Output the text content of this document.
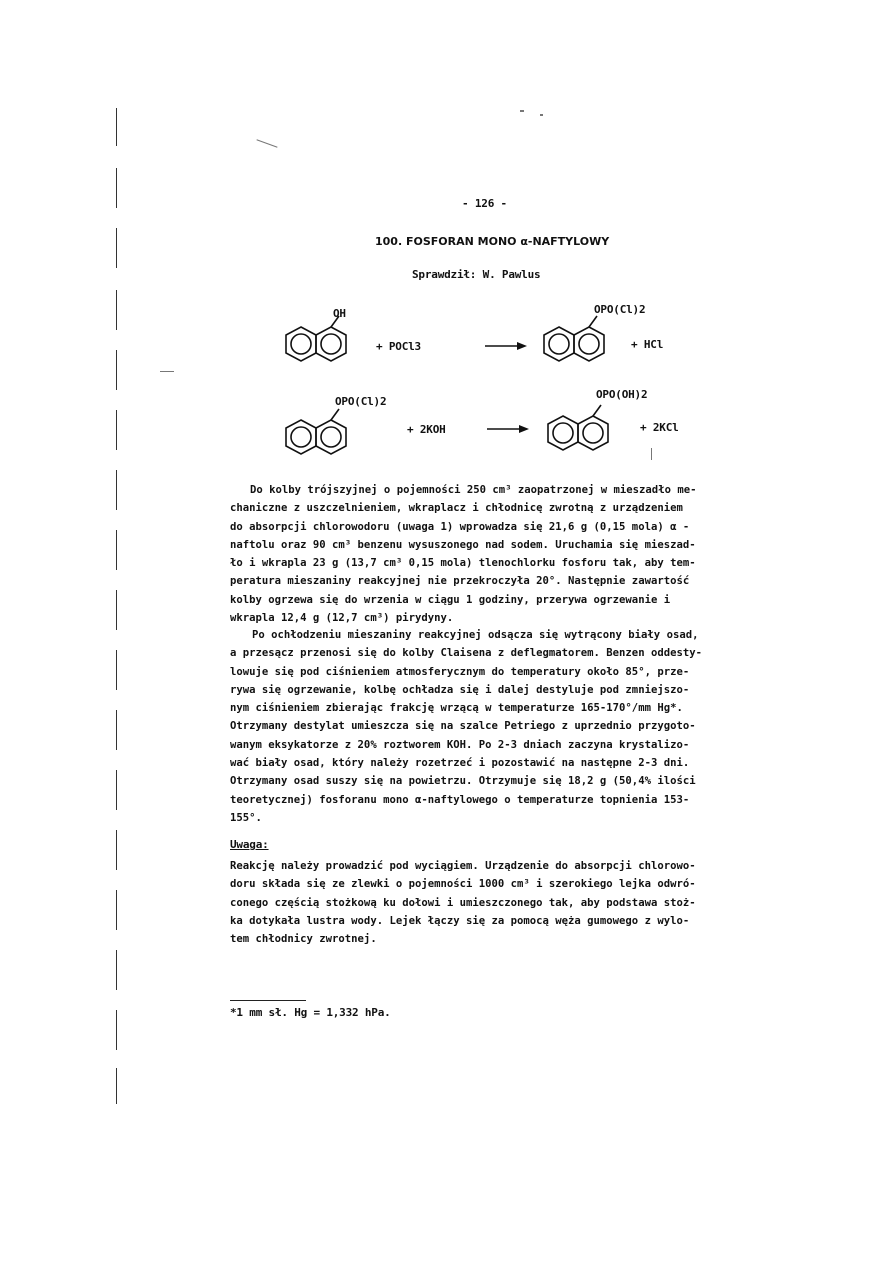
- 126 -
100. FOSFORAN MONO α-NAFTYLOWY
Sprawdził: W. Pawlus
OH
+ POCl3
OPO(Cl)2
+ HCl
OPO(Cl)2
+ 2KOH
OPO(OH)2
+ 2KCl
Do kolby trójszyjnej o pojemności 250 cm³ zaopatrzonej w mieszadło me-
chaniczne z uszczelnieniem, wkraplacz i chłodnicę zwrotną z urządzeniem
do absorpcji chlorowodoru (uwaga 1) wprowadza się 21,6 g (0,15 mola) α -
naftolu oraz 90 cm³ benzenu wysuszonego nad sodem. Uruchamia się mieszad-
ło i wkrapla 23 g (13,7 cm³ 0,15 mola) tlenochlorku fosforu tak, aby tem-
peratura mieszaniny reakcyjnej nie przekroczyła 20°. Następnie zawartość
kolby ogrzewa się do wrzenia w ciągu 1 godziny, przerywa ogrzewanie i
wkrapla 12,4 g (12,7 cm³) pirydyny.
Po ochłodzeniu mieszaniny reakcyjnej odsącza się wytrącony biały osad,
a przesącz przenosi się do kolby Claisena z deflegmatorem. Benzen oddesty-
lowuje się pod ciśnieniem atmosferycznym do temperatury około 85°, prze-
rywa się ogrzewanie, kolbę ochładza się i dalej destyluje pod zmniejszo-
nym ciśnieniem zbierając frakcję wrzącą w temperaturze 165-170°/mm Hg*.
Otrzymany destylat umieszcza się na szalce Petriego z uprzednio przygoto-
wanym eksykatorze z 20% roztworem KOH. Po 2-3 dniach zaczyna krystalizo-
wać biały osad, który należy rozetrzeć i pozostawić na następne 2-3 dni.
Otrzymany osad suszy się na powietrzu. Otrzymuje się 18,2 g (50,4% ilości
teoretycznej) fosforanu mono α-naftylowego o temperaturze topnienia 153-
155°.
Uwaga:
Reakcję należy prowadzić pod wyciągiem. Urządzenie do absorpcji chlorowo-
doru składa się ze zlewki o pojemności 1000 cm³ i szerokiego lejka odwró-
conego częścią stożkową ku dołowi i umieszczonego tak, aby podstawa stoż-
ka dotykała lustra wody. Lejek łączy się za pomocą węża gumowego z wylo-
tem chłodnicy zwrotnej.
*1 mm sł. Hg = 1,332 hPa.
